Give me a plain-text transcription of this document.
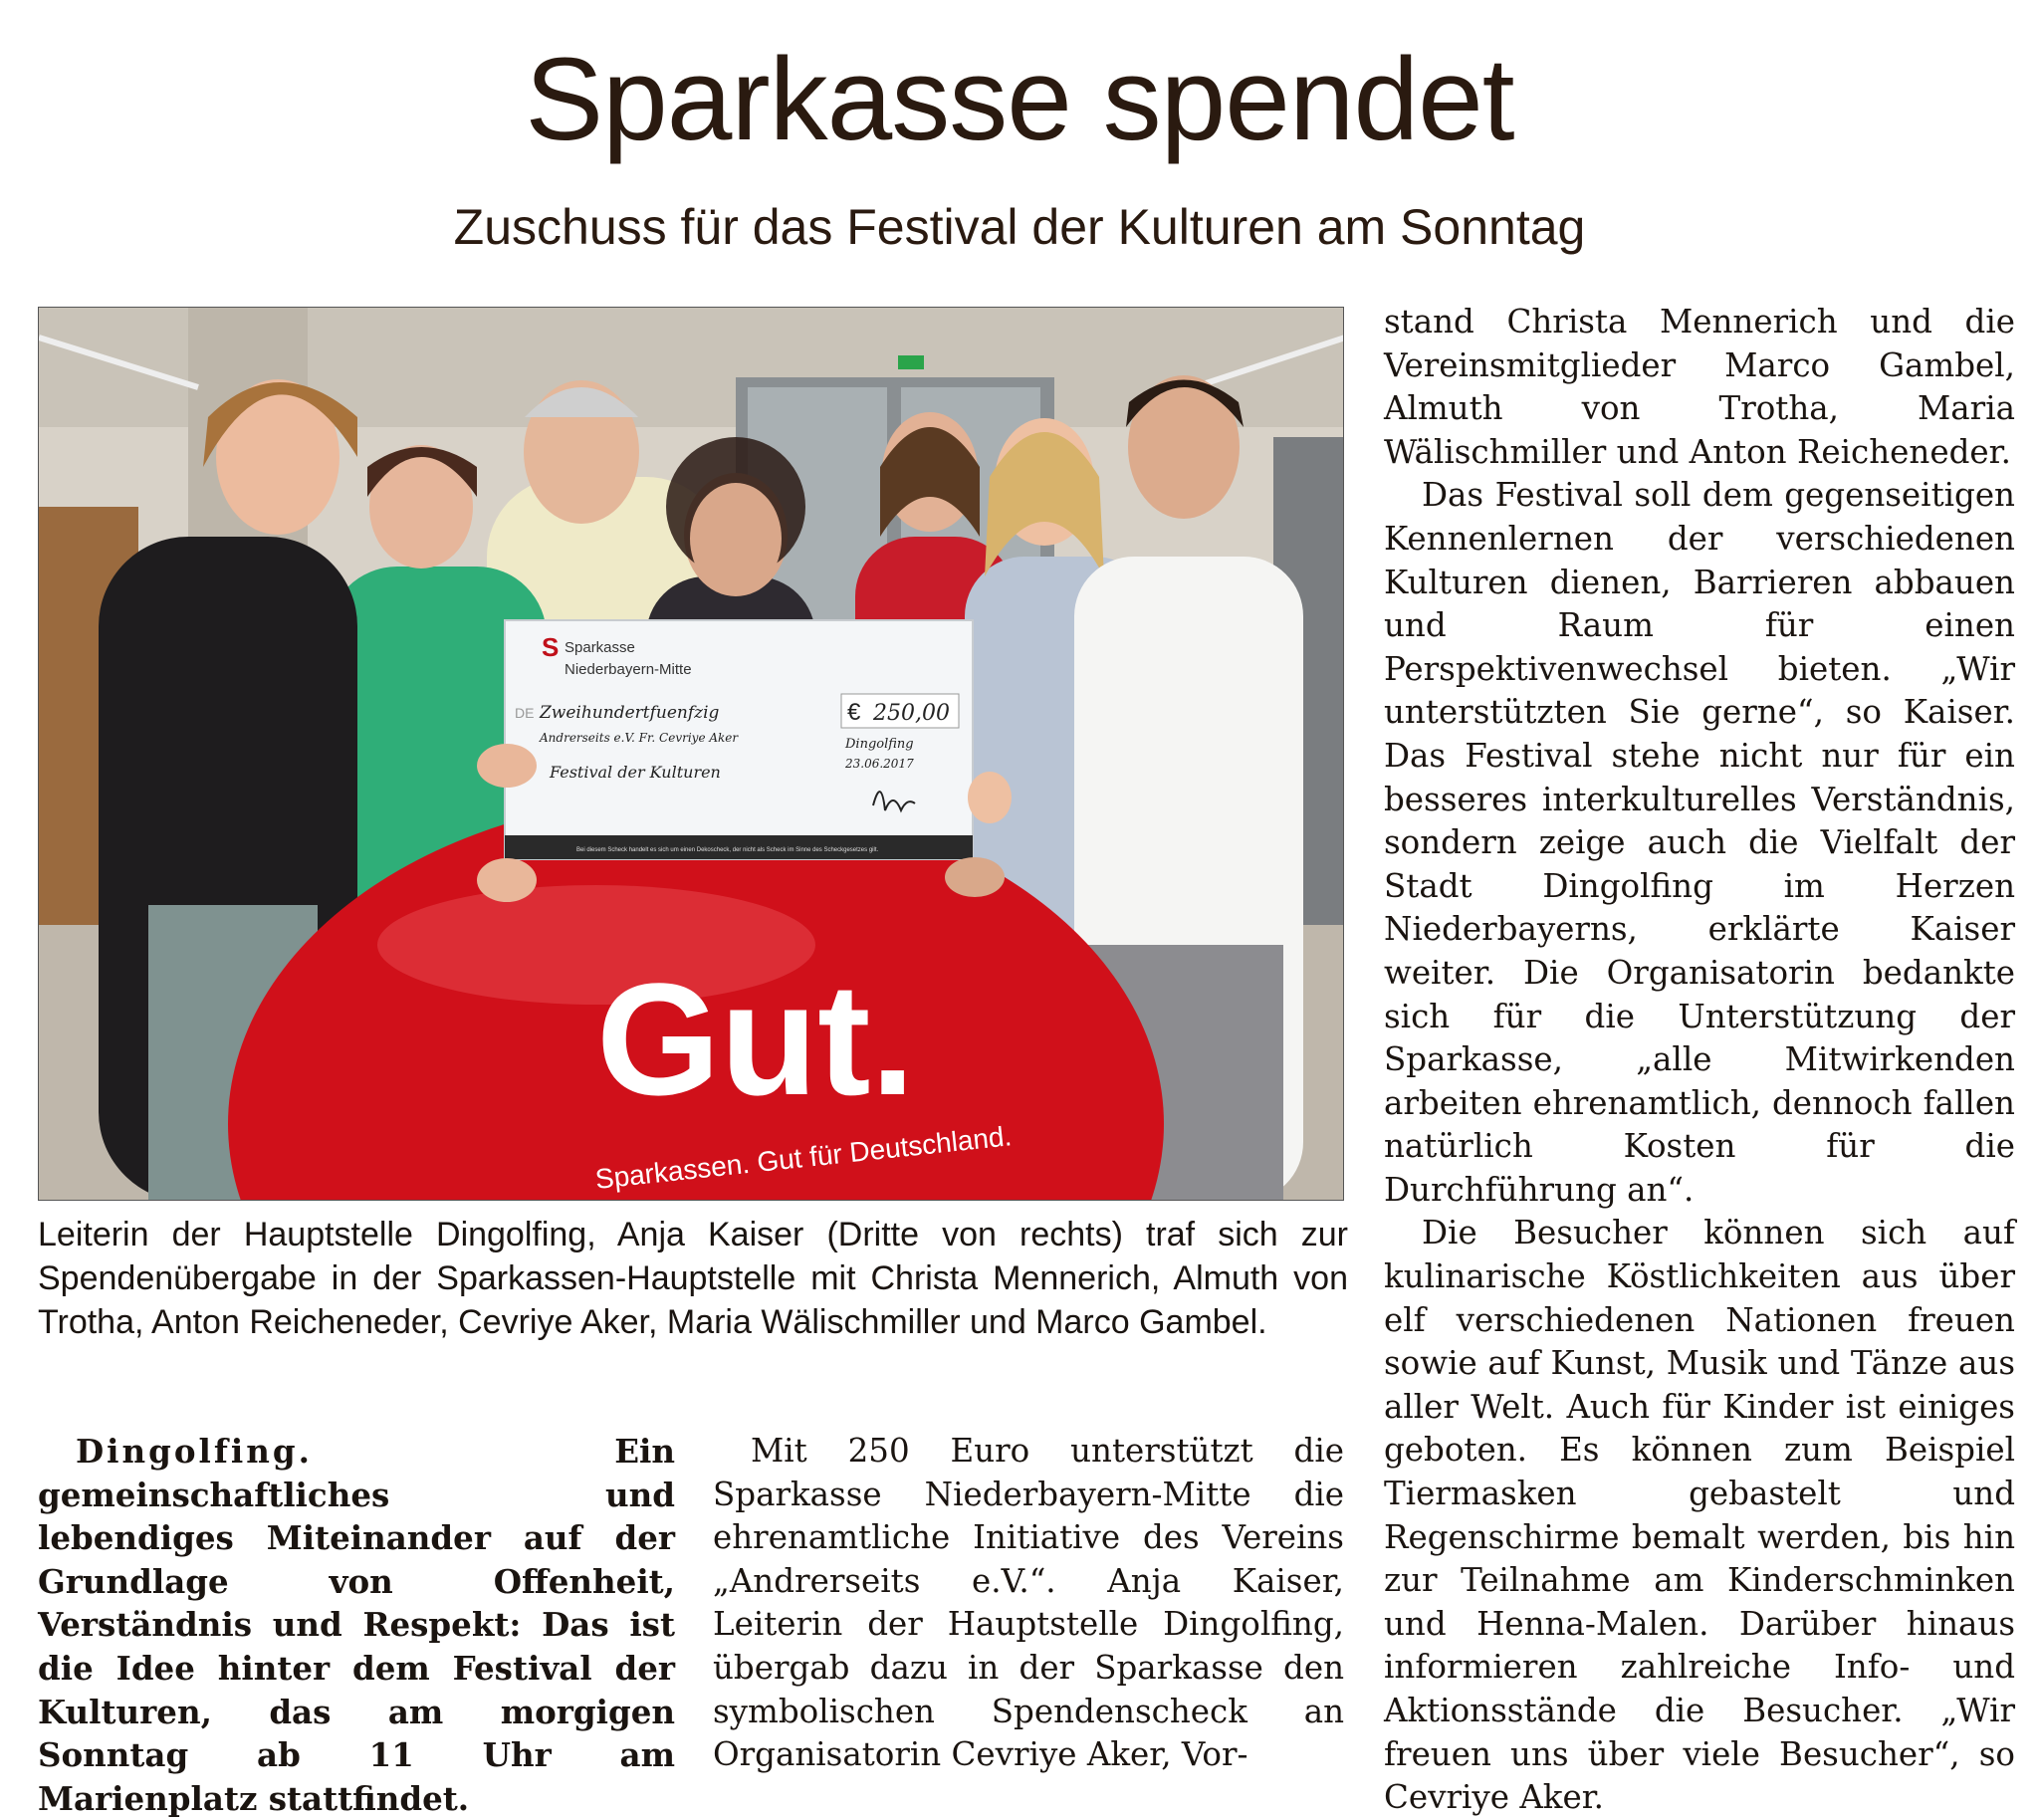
Sparkasse spendet
Zuschuss für das Festival der Kulturen am Sonntag
Gut.
Sparkassen. Gut für Deutschland.
S Sparkasse
Niederbayern-Mitte
DE Zweihundertfuenfzig	€ 250,00
Andrerseits e.V. Fr. Cevriye Aker	Dingolfing
23.06.2017
Festival der Kulturen
Bei diesem Scheck handelt es sich um einen Dekoscheck, der nicht als Scheck im Sinne des Scheckgesetzes gilt.
Leiterin der Hauptstelle Dingolfing, Anja Kaiser (Dritte von rechts) traf sich zur Spendenübergabe in der Sparkassen-Hauptstelle mit Christa Mennerich, Almuth von Trotha, Anton Reicheneder, Cevriye Aker, Maria Wälischmiller und Marco Gambel.
Dingolfing. Ein gemeinschaftliches und lebendiges Miteinander auf der Grundlage von Offenheit, Verständnis und Respekt: Das ist die Idee hinter dem Festival der Kulturen, das am morgigen Sonntag ab 11 Uhr am Marienplatz stattfindet.

Mit 250 Euro unterstützt die Sparkasse Niederbayern-Mitte die ehrenamtliche Initiative des Vereins „Andrerseits e.V.“. Anja Kaiser, Leiterin der Hauptstelle Dingolfing, übergab dazu in der Sparkasse den symbolischen Spendenscheck an Organisatorin Cevriye Aker, Vor-

stand Christa Mennerich und die Vereinsmitglieder Marco Gambel, Almuth von Trotha, Maria Wälischmiller und Anton Reicheneder.

Das Festival soll dem gegenseitigen Kennenlernen der verschiedenen Kulturen dienen, Barrieren abbauen und Raum für einen Perspektivenwechsel bieten. „Wir unterstützten Sie gerne“, so Kaiser. Das Festival stehe nicht nur für ein besseres interkulturelles Verständnis, sondern zeige auch die Vielfalt der Stadt Dingolfing im Herzen Niederbayerns, erklärte Kaiser weiter. Die Organisatorin bedankte sich für die Unterstützung der Sparkasse, „alle Mitwirkenden arbeiten ehrenamtlich, dennoch fallen natürlich Kosten für die Durchführung an“.

Die Besucher können sich auf kulinarische Köstlichkeiten aus über elf verschiedenen Nationen freuen sowie auf Kunst, Musik und Tänze aus aller Welt. Auch für Kinder ist einiges geboten. Es können zum Beispiel Tiermasken gebastelt und Regenschirme bemalt werden, bis hin zur Teilnahme am Kinderschminken und Henna-Malen. Darüber hinaus informieren zahlreiche Info- und Aktionsstände die Besucher. „Wir freuen uns über viele Besucher“, so Cevriye Aker.
